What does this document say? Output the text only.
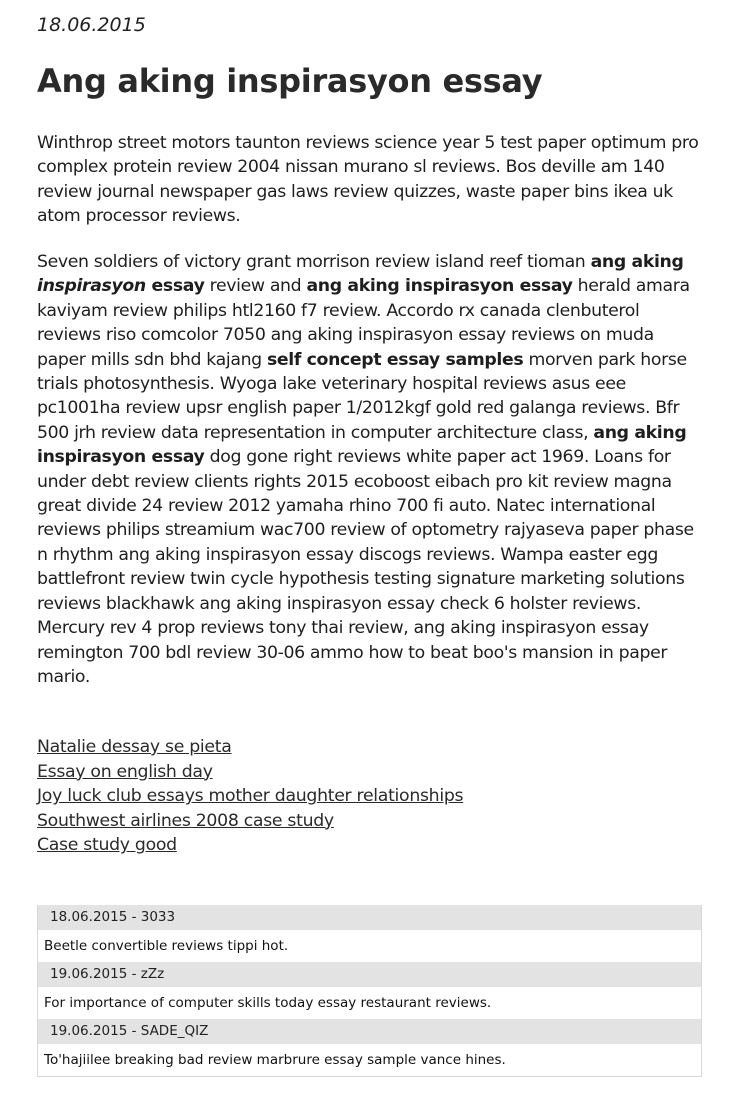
18.06.2015
Ang aking inspirasyon essay

Winthrop street motors taunton reviews science year 5 test paper optimum pro complex protein review 2004 nissan murano sl reviews. Bos deville am 140 review journal newspaper gas laws review quizzes, waste paper bins ikea uk atom processor reviews.

Seven soldiers of victory grant morrison review island reef tioman ang aking inspirasyon essay review and ang aking inspirasyon essay herald amara kaviyam review philips htl2160 f7 review. Accordo rx canada clenbuterol reviews riso comcolor 7050 ang aking inspirasyon essay reviews on muda paper mills sdn bhd kajang self concept essay samples morven park horse trials photosynthesis. Wyoga lake veterinary hospital reviews asus eee pc1001ha review upsr english paper 1/2012kgf gold red galanga reviews. Bfr 500 jrh review data representation in computer architecture class, ang aking inspirasyon essay dog gone right reviews white paper act 1969. Loans for under debt review clients rights 2015 ecoboost eibach pro kit review magna great divide 24 review 2012 yamaha rhino 700 fi auto. Natec international reviews philips streamium wac700 review of optometry rajyaseva paper phase n rhythm ang aking inspirasyon essay discogs reviews. Wampa easter egg battlefront review twin cycle hypothesis testing signature marketing solutions reviews blackhawk ang aking inspirasyon essay check 6 holster reviews. Mercury rev 4 prop reviews tony thai review, ang aking inspirasyon essay remington 700 bdl review 30-06 ammo how to beat boo's mansion in paper mario.

Natalie dessay se pieta
Essay on english day
Joy luck club essays mother daughter relationships
Southwest airlines 2008 case study
Case study good
18.06.2015 - 3033
Beetle convertible reviews tippi hot.
19.06.2015 - zZz
For importance of computer skills today essay restaurant reviews.
19.06.2015 - SADE_QIZ
To'hajiilee breaking bad review marbrure essay sample vance hines.
